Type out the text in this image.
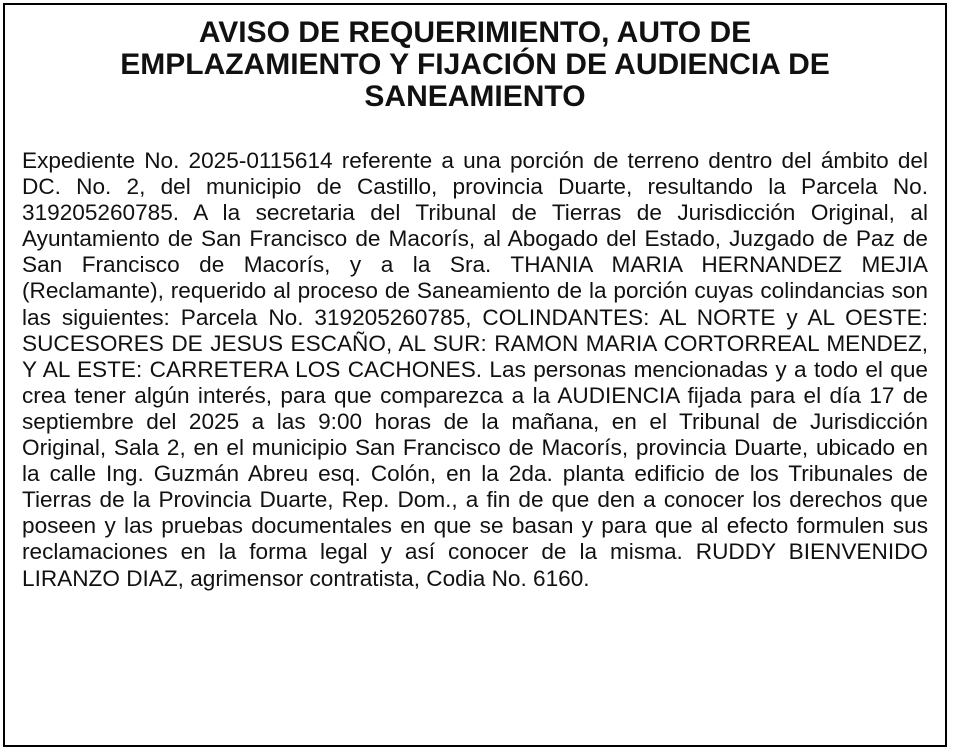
AVISO DE REQUERIMIENTO, AUTO DE
EMPLAZAMIENTO Y FIJACIÓN DE AUDIENCIA DE
SANEAMIENTO

Expediente No. 2025-0115614 referente a una porción de terreno dentro del ámbito del DC. No. 2, del municipio de Castillo, provincia Duarte, resultando la Parcela No. 319205260785. A la secretaria del Tribunal de Tierras de Jurisdicción Original, al Ayuntamiento de San Francisco de Macorís, al Abogado del Estado, Juzgado de Paz de San Francisco de Macorís, y a la Sra. THANIA MARIA HERNANDEZ MEJIA (Reclamante), requerido al proceso de Saneamiento de la porción cuyas colindancias son las siguientes: Parcela No. 319205260785, COLINDANTES: AL NORTE y AL OESTE: SUCESORES DE JESUS ESCAÑO, AL SUR: RAMON MARIA CORTORREAL MENDEZ, Y AL ESTE: CARRETERA LOS CACHONES. Las personas mencionadas y a todo el que crea tener algún interés, para que comparezca a la AUDIENCIA fijada para el día 17 de septiembre del 2025 a las 9:00 horas de la mañana, en el Tribunal de Jurisdicción Original, Sala 2, en el municipio San Francisco de Macorís, provincia Duarte, ubicado en la calle Ing. Guzmán Abreu esq. Colón, en la 2da. planta edificio de los Tribunales de Tierras de la Provincia Duarte, Rep. Dom., a fin de que den a conocer los derechos que poseen y las pruebas documentales en que se basan y para que al efecto formulen sus reclamaciones en la forma legal y así conocer de la misma. RUDDY BIENVENIDO LIRANZO DIAZ, agrimensor contratista, Codia No. 6160.
